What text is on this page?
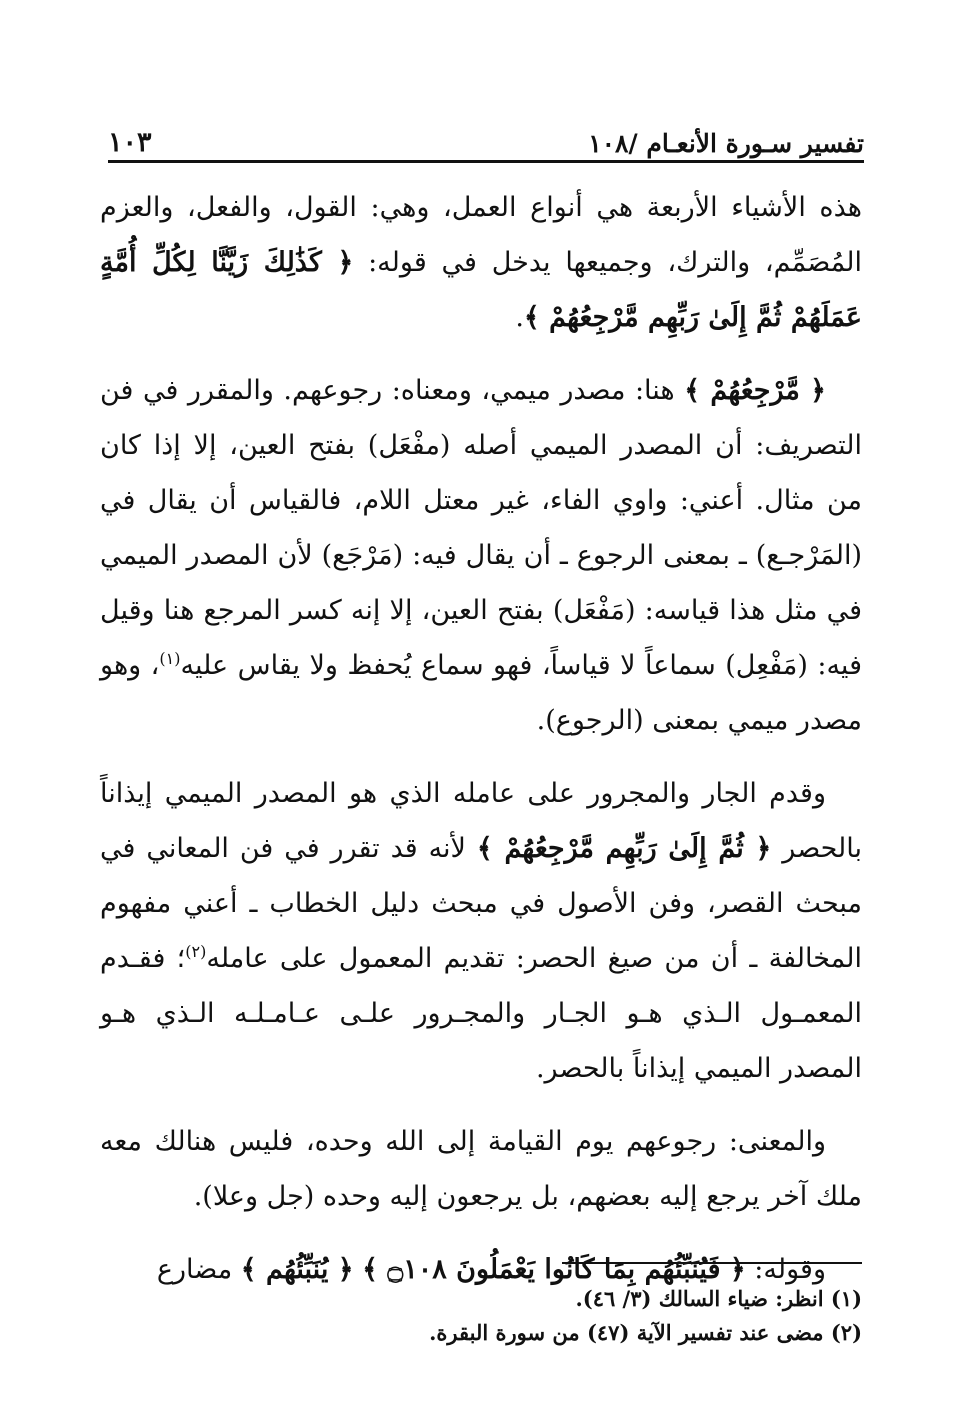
تفسير سـورة الأنعـام /١٠٨
١٠٣

هذه الأشياء الأربعة هي أنواع العمل، وهي: القول، والفعل، والعزم المُصَمِّم، والترك، وجميعها يدخل في قوله: ﴿ كَذَٰلِكَ زَيَّنَّا لِكُلِّ أُمَّةٍ عَمَلَهُمْ ثُمَّ إِلَىٰ رَبِّهِم مَّرْجِعُهُمْ ﴾.

﴿ مَّرْجِعُهُمْ ﴾ هنا: مصدر ميمي، ومعناه: رجوعهم. والمقرر في فن التصريف: أن المصدر الميمي أصله (مفْعَل) بفتح العين، إلا إذا كان من مثال. أعني: واوي الفاء، غير معتل اللام، فالقياس أن يقال في (المَرْجـع) ـ بمعنى الرجوع ـ أن يقال فيه: (مَرْجَع) لأن المصدر الميمي في مثل هذا قياسه: (مَفْعَل) بفتح العين، إلا إنه كسر المرجع هنا وقيل فيه: (مَفْعِل) سماعاً لا قياساً، فهو سماع يُحفظ ولا يقاس عليه$^{(١)}$، وهو مصدر ميمي بمعنى (الرجوع).

وقدم الجار والمجرور على عامله الذي هو المصدر الميمي إيذاناً بالحصر ﴿ ثُمَّ إِلَىٰ رَبِّهِم مَّرْجِعُهُمْ ﴾ لأنه قد تقرر في فن المعاني في مبحث القصر، وفن الأصول في مبحث دليل الخطاب ـ أعني مفهوم المخالفة ـ أن من صيغ الحصر: تقديم المعمول على عامله$^{(٢)}$؛ فقـدم المعمـول الـذي هـو الجـار والمجـرور علـى عـامـلـه الـذي هـو المصدر الميمي إيذاناً بالحصر.

والمعنى: رجوعهم يوم القيامة إلى الله وحده، فليس هنالك معه ملك آخر يرجع إليه بعضهم، بل يرجعون إليه وحده (جل وعلا).

وقوله: ﴿ فَيُنَبِّئُهُم بِمَا كَانُوا يَعْمَلُونَ ۝١٠٨ ﴾ ﴿ يُنَبِّئُهُم ﴾ مضارع

(١) انظر: ضياء السالك (٣/ ٤٦).

(٢) مضى عند تفسير الآية (٤٧) من سورة البقرة.
